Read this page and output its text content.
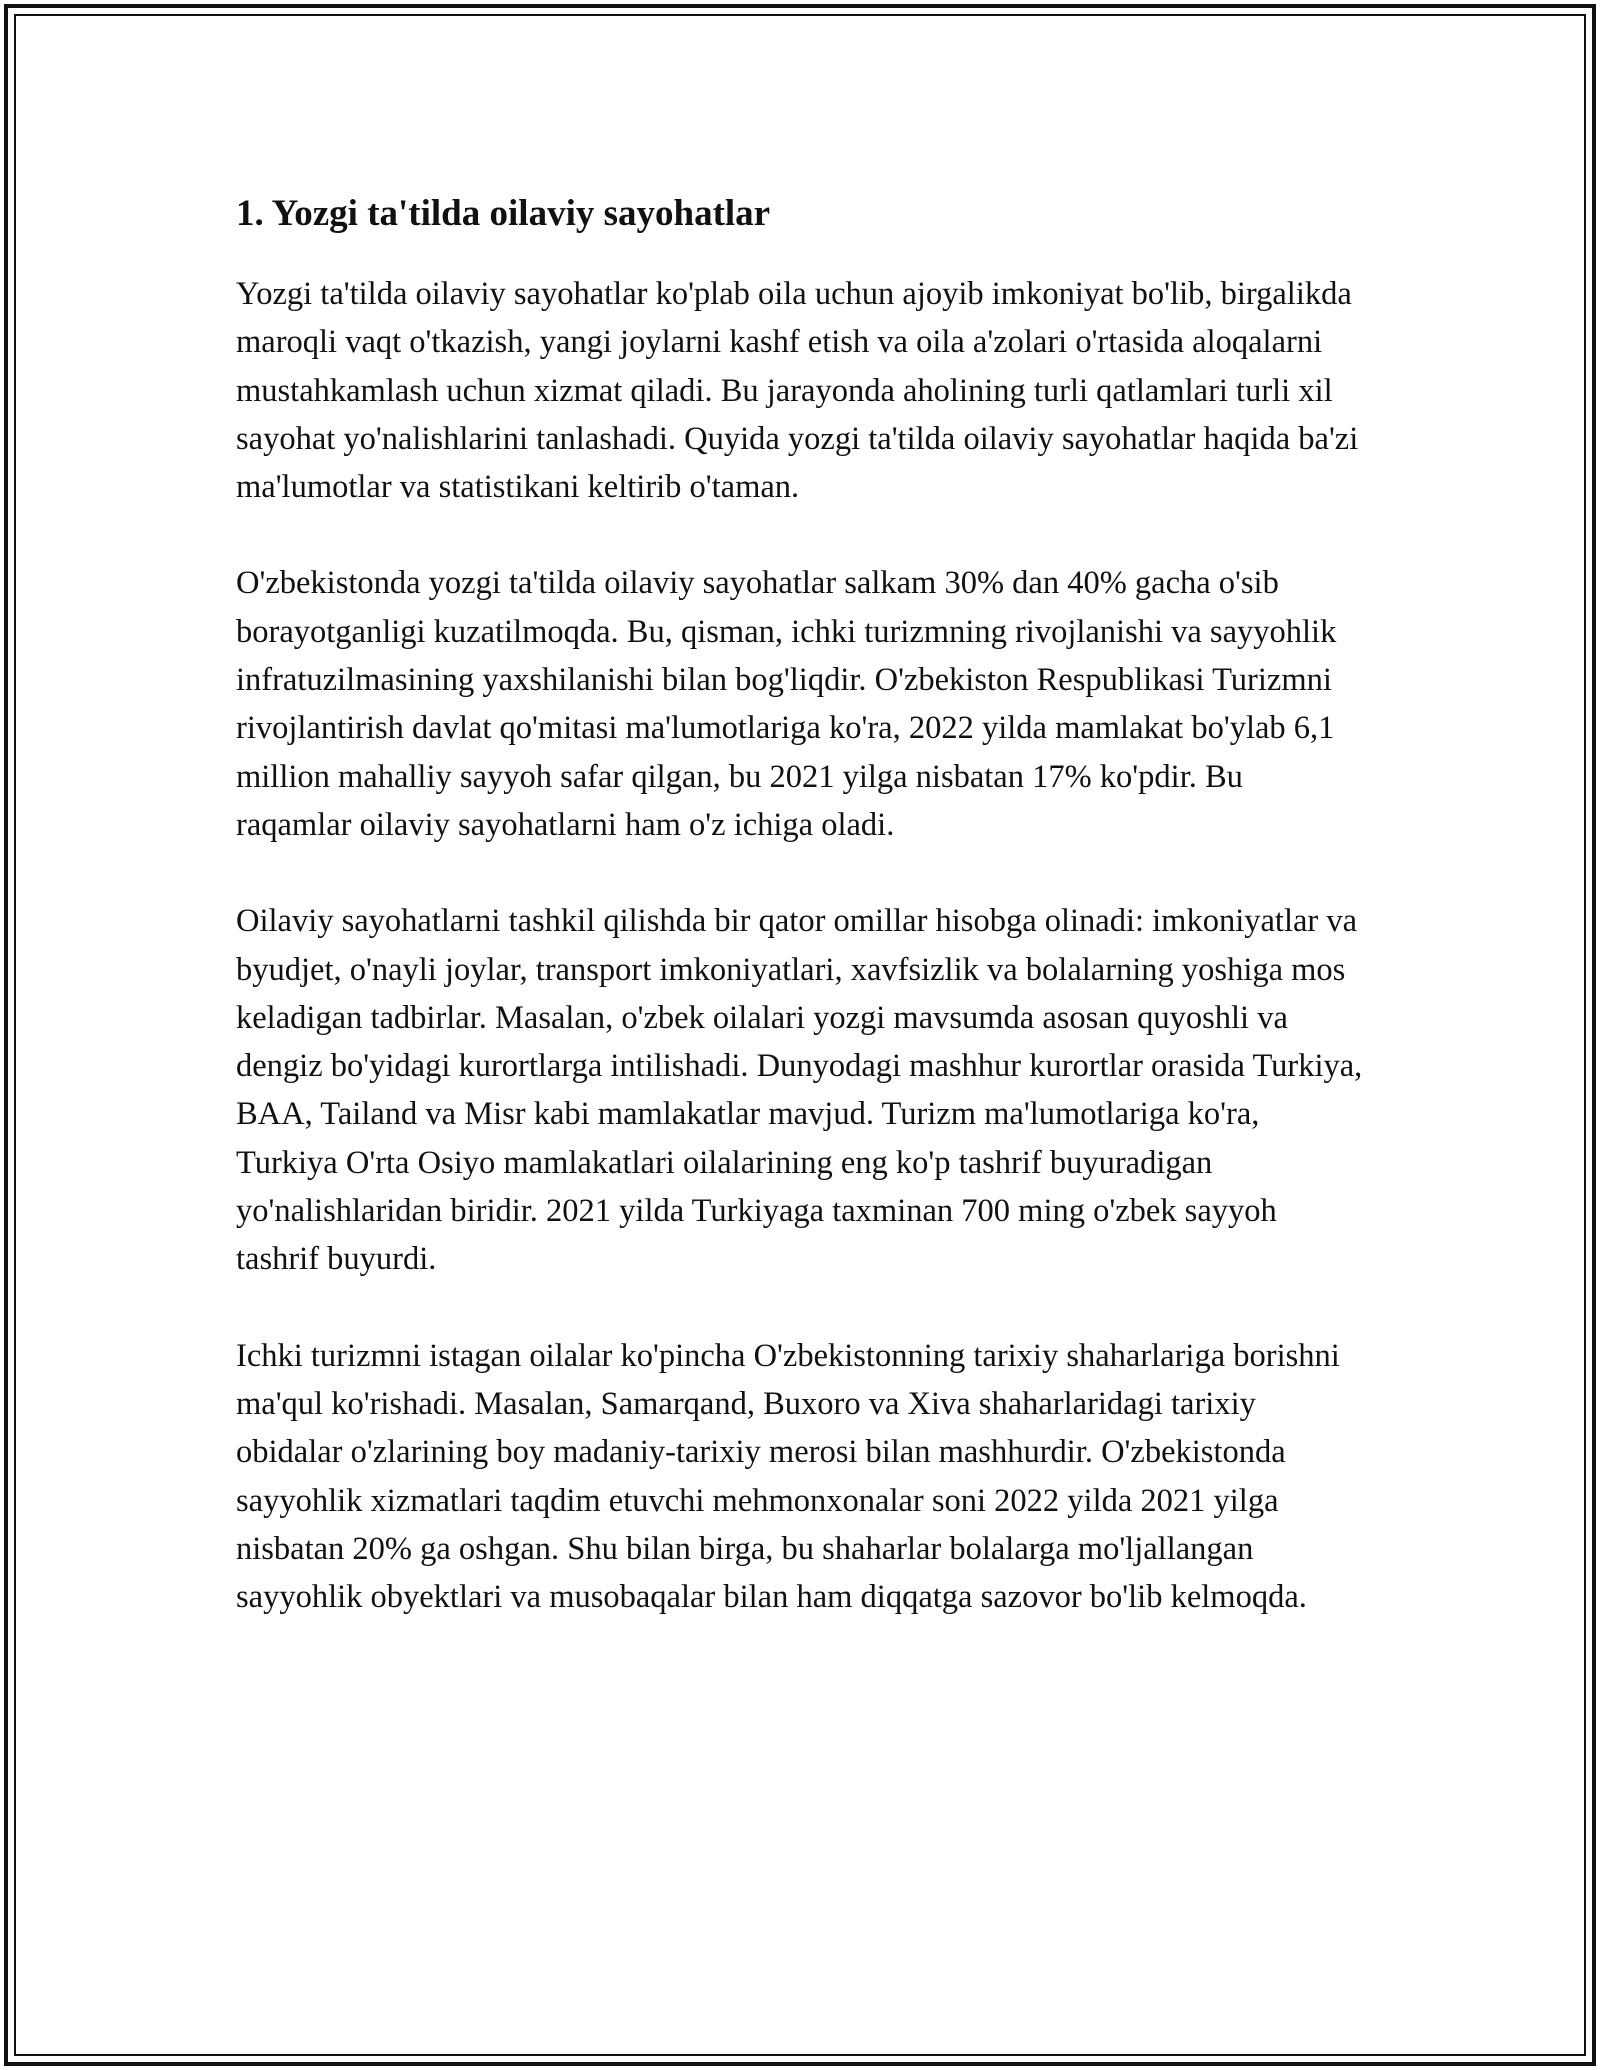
1. Yozgi ta'tilda oilaviy sayohatlar

Yozgi ta'tilda oilaviy sayohatlar ko'plab oila uchun ajoyib imkoniyat bo'lib, birgalikda maroqli vaqt o'tkazish, yangi joylarni kashf etish va oila a'zolari o'rtasida aloqalarni mustahkamlash uchun xizmat qiladi. Bu jarayonda aholining turli qatlamlari turli xil sayohat yo'nalishlarini tanlashadi. Quyida yozgi ta'tilda oilaviy sayohatlar haqida ba'zi ma'lumotlar va statistikani keltirib o'taman.

O'zbekistonda yozgi ta'tilda oilaviy sayohatlar salkam 30% dan 40% gacha o'sib borayotganligi kuzatilmoqda. Bu, qisman, ichki turizmning rivojlanishi va sayyohlik infratuzilmasining yaxshilanishi bilan bog'liqdir. O'zbekiston Respublikasi Turizmni rivojlantirish davlat qo'mitasi ma'lumotlariga ko'ra, 2022 yilda mamlakat bo'ylab 6,1 million mahalliy sayyoh safar qilgan, bu 2021 yilga nisbatan 17% ko'pdir. Bu raqamlar oilaviy sayohatlarni ham o'z ichiga oladi.

Oilaviy sayohatlarni tashkil qilishda bir qator omillar hisobga olinadi: imkoniyatlar va byudjet, o'nayli joylar, transport imkoniyatlari, xavfsizlik va bolalarning yoshiga mos keladigan tadbirlar. Masalan, o'zbek oilalari yozgi mavsumda asosan quyoshli va dengiz bo'yidagi kurortlarga intilishadi. Dunyodagi mashhur kurortlar orasida Turkiya, BAA, Tailand va Misr kabi mamlakatlar mavjud. Turizm ma'lumotlariga ko'ra, Turkiya O'rta Osiyo mamlakatlari oilalarining eng ko'p tashrif buyuradigan yo'nalishlaridan biridir. 2021 yilda Turkiyaga taxminan 700 ming o'zbek sayyoh tashrif buyurdi.

Ichki turizmni istagan oilalar ko'pincha O'zbekistonning tarixiy shaharlariga borishni ma'qul ko'rishadi. Masalan, Samarqand, Buxoro va Xiva shaharlaridagi tarixiy obidalar o'zlarining boy madaniy-tarixiy merosi bilan mashhurdir. O'zbekistonda sayyohlik xizmatlari taqdim etuvchi mehmonxonalar soni 2022 yilda 2021 yilga nisbatan 20% ga oshgan. Shu bilan birga, bu shaharlar bolalarga mo'ljallangan sayyohlik obyektlari va musobaqalar bilan ham diqqatga sazovor bo'lib kelmoqda.
